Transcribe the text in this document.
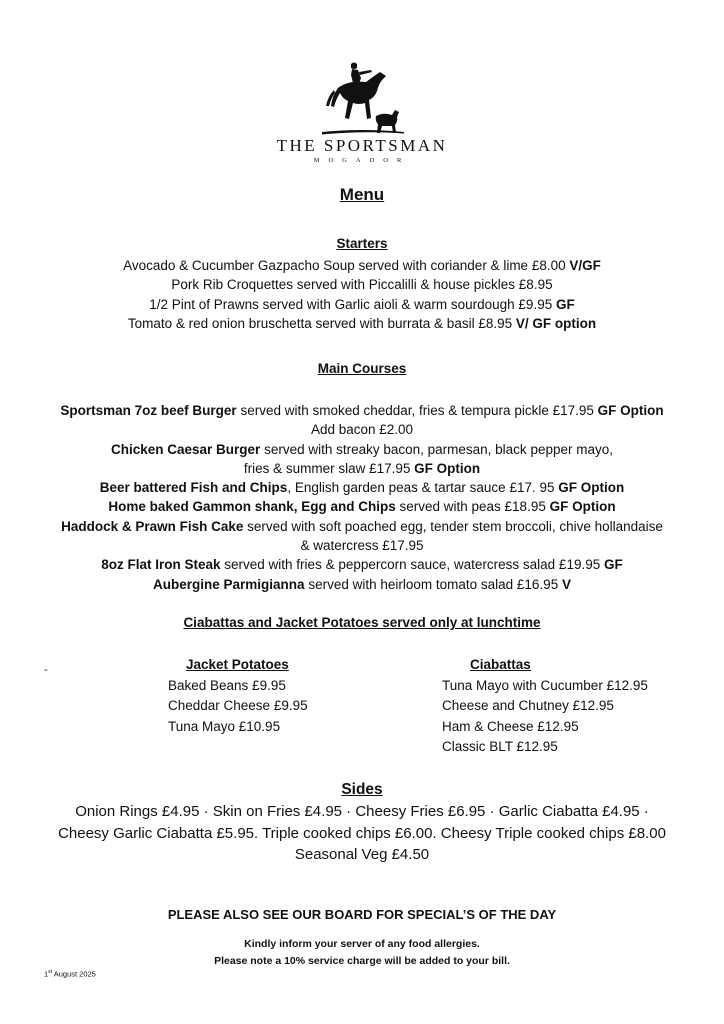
THE SPORTSMAN
MOGADOR
Menu
Starters
Avocado & Cucumber Gazpacho Soup served with coriander & lime £8.00 V/GF
Pork Rib Croquettes served with Piccalilli & house pickles £8.95
1/2 Pint of Prawns served with Garlic aioli & warm sourdough £9.95 GF
Tomato & red onion bruschetta served with burrata & basil £8.95 V/ GF option
Main Courses
Sportsman 7oz beef Burger served with smoked cheddar, fries & tempura pickle £17.95 GF Option
Add bacon £2.00
Chicken Caesar Burger served with streaky bacon, parmesan, black pepper mayo,
fries & summer slaw £17.95 GF Option
Beer battered Fish and Chips, English garden peas & tartar sauce £17. 95 GF Option
Home baked Gammon shank, Egg and Chips served with peas £18.95 GF Option
Haddock & Prawn Fish Cake served with soft poached egg, tender stem broccoli, chive hollandaise
& watercress £17.95
8oz Flat Iron Steak served with fries & peppercorn sauce, watercress salad £19.95 GF
Aubergine Parmigianna served with heirloom tomato salad £16.95 V
Ciabattas and Jacket Potatoes served only at lunchtime
-	Jacket Potatoes
Baked Beans £9.95
Cheddar Cheese £9.95
Tuna Mayo £10.95
Ciabattas
Tuna Mayo with Cucumber £12.95
Cheese and Chutney £12.95
Ham & Cheese £12.95
Classic BLT £12.95
Sides
Onion Rings £4.95 · Skin on Fries £4.95 · Cheesy Fries £6.95 · Garlic Ciabatta £4.95 ·
Cheesy Garlic Ciabatta £5.95. Triple cooked chips £6.00. Cheesy Triple cooked chips £8.00
Seasonal Veg £4.50
PLEASE ALSO SEE OUR BOARD FOR SPECIAL’S OF THE DAY
Kindly inform your server of any food allergies.
Please note a 10% service charge will be added to your bill.
1st August 2025
